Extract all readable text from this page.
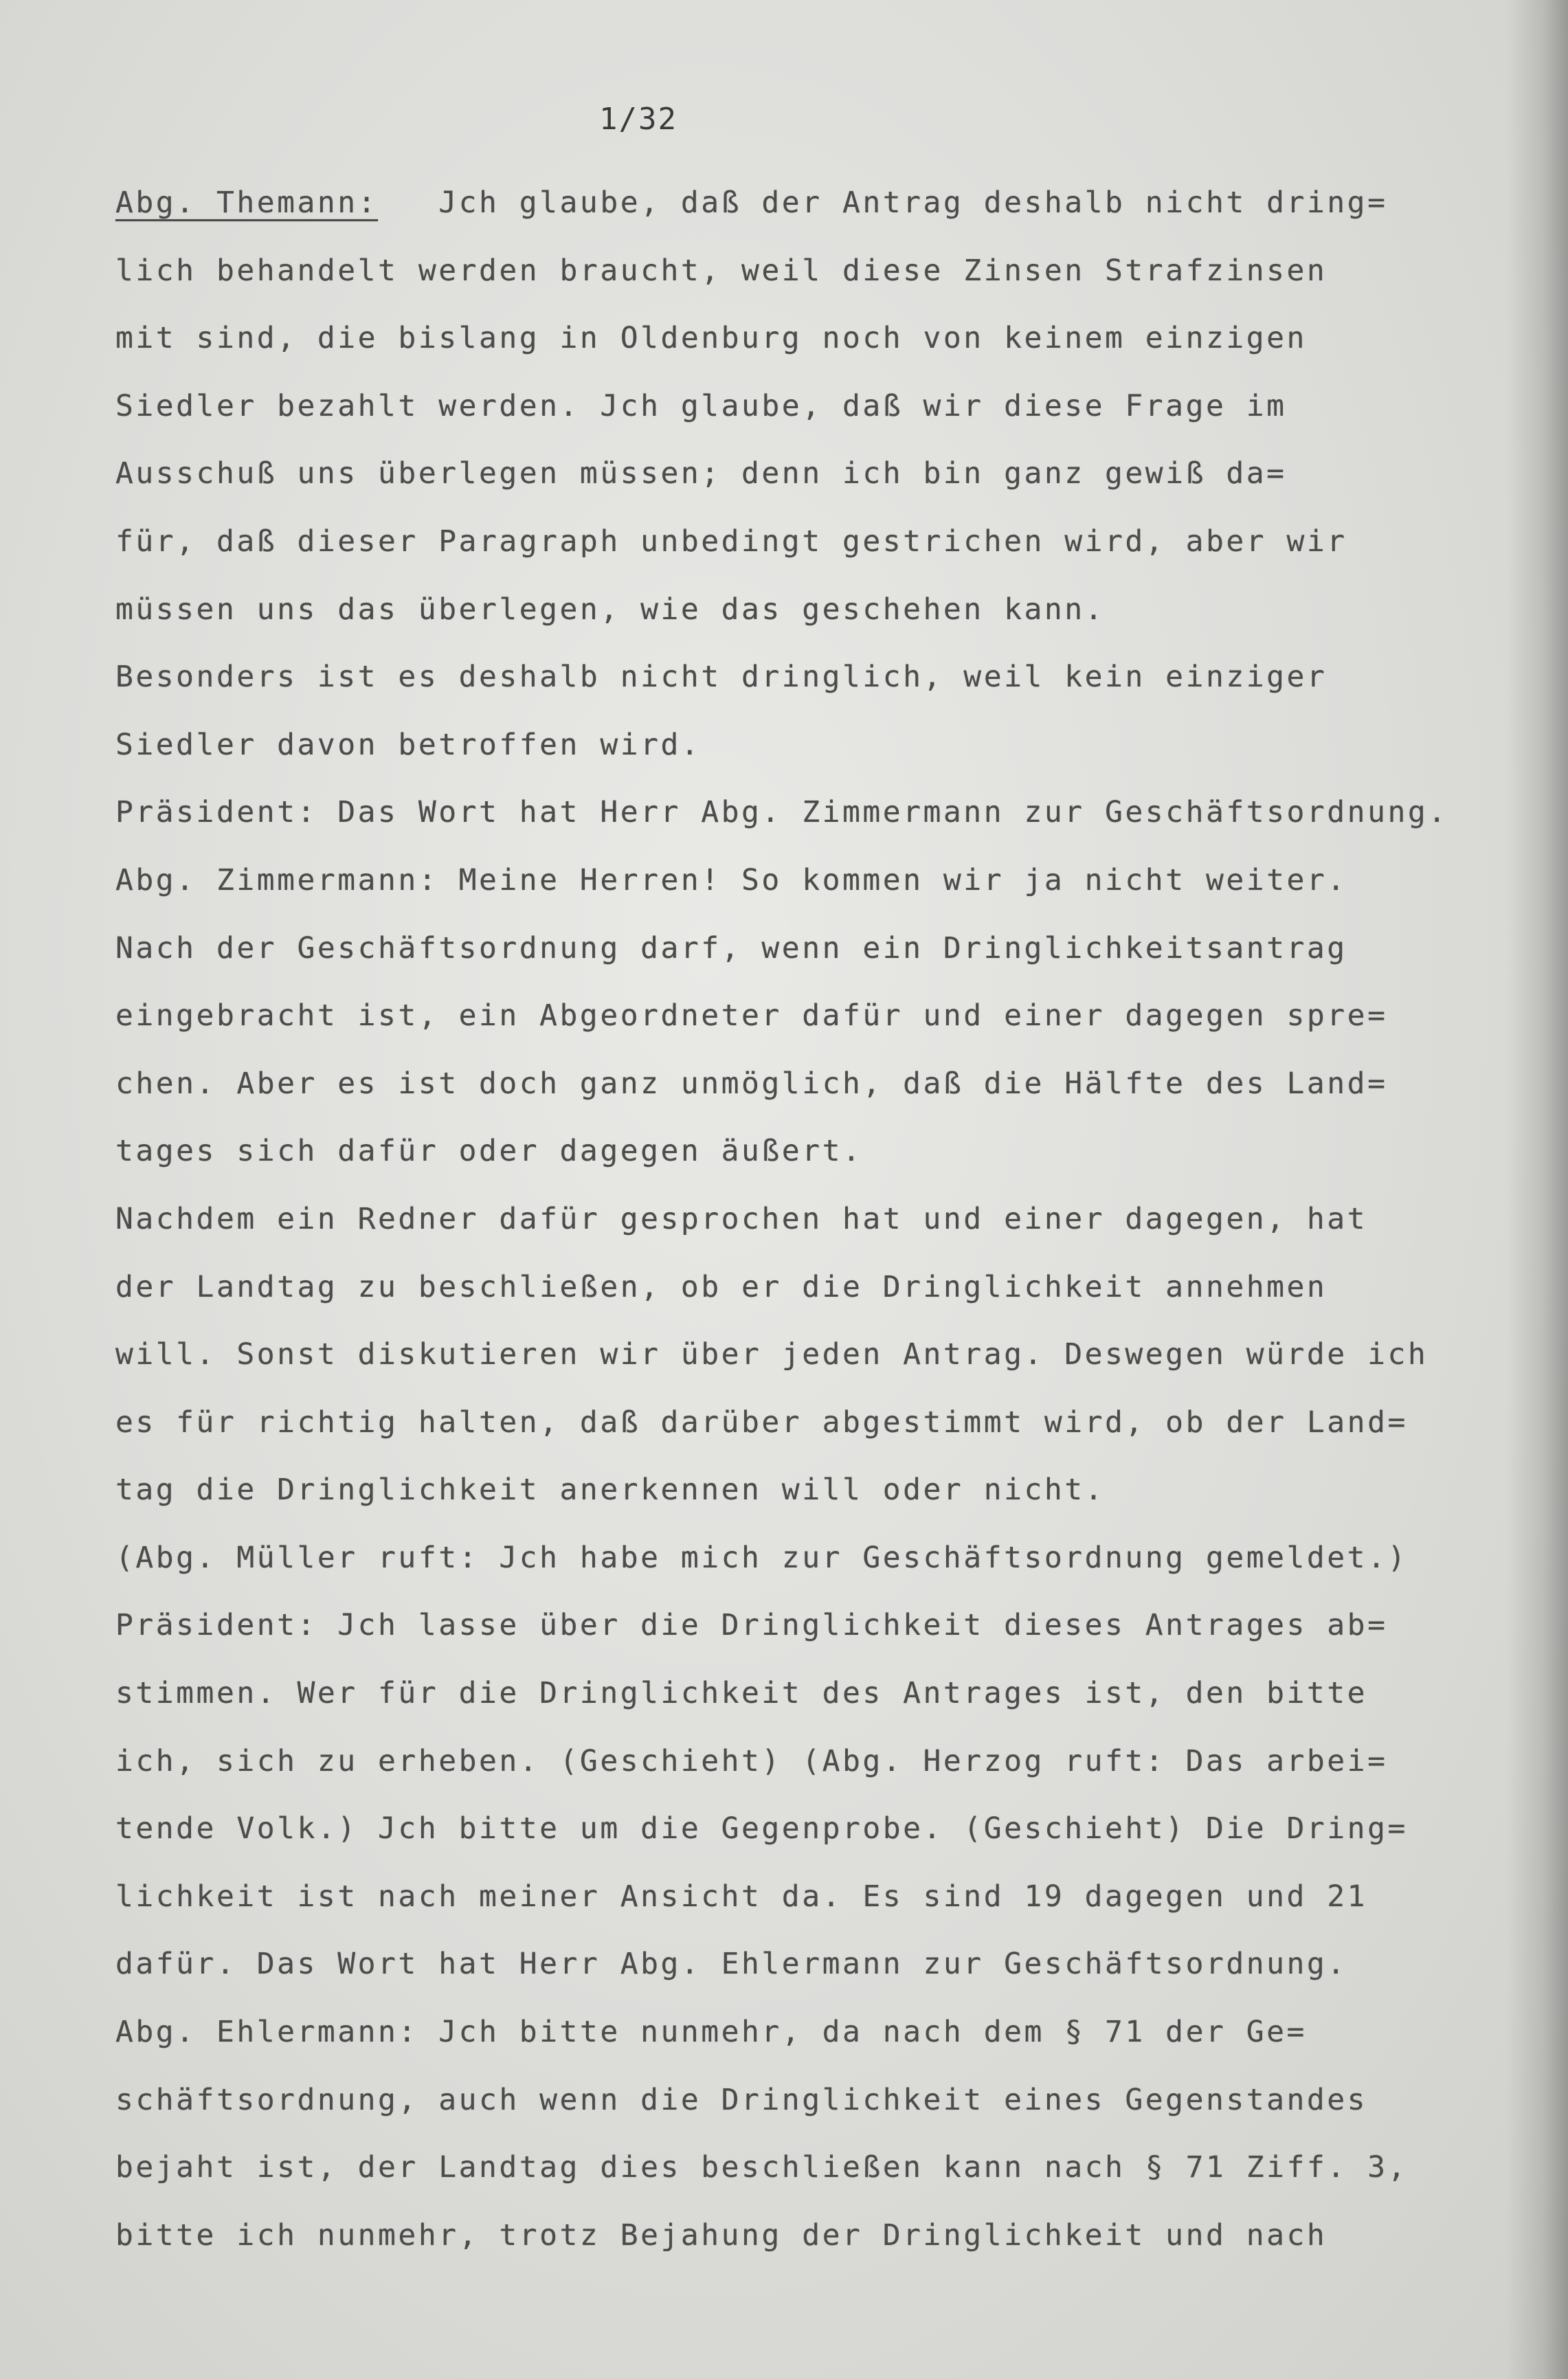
1/32
Abg. Themann:   Jch glaube, daß der Antrag deshalb nicht dring=
lich behandelt werden braucht, weil diese Zinsen Strafzinsen
mit sind, die bislang in Oldenburg noch von keinem einzigen
Siedler bezahlt werden. Jch glaube, daß wir diese Frage im
Ausschuß uns überlegen müssen; denn ich bin ganz gewiß da=
für, daß dieser Paragraph unbedingt gestrichen wird, aber wir
müssen uns das überlegen, wie das geschehen kann.
Besonders ist es deshalb nicht dringlich, weil kein einziger
Siedler davon betroffen wird.
Präsident: Das Wort hat Herr Abg. Zimmermann zur Geschäftsordnung.
Abg. Zimmermann: Meine Herren! So kommen wir ja nicht weiter.
Nach der Geschäftsordnung darf, wenn ein Dringlichkeitsantrag
eingebracht ist, ein Abgeordneter dafür und einer dagegen spre=
chen. Aber es ist doch ganz unmöglich, daß die Hälfte des Land=
tages sich dafür oder dagegen äußert.
Nachdem ein Redner dafür gesprochen hat und einer dagegen, hat
der Landtag zu beschließen, ob er die Dringlichkeit annehmen
will. Sonst diskutieren wir über jeden Antrag. Deswegen würde ich
es für richtig halten, daß darüber abgestimmt wird, ob der Land=
tag die Dringlichkeit anerkennen will oder nicht.
(Abg. Müller ruft: Jch habe mich zur Geschäftsordnung gemeldet.)
Präsident: Jch lasse über die Dringlichkeit dieses Antrages ab=
stimmen. Wer für die Dringlichkeit des Antrages ist, den bitte
ich, sich zu erheben. (Geschieht) (Abg. Herzog ruft: Das arbei=
tende Volk.) Jch bitte um die Gegenprobe. (Geschieht) Die Dring=
lichkeit ist nach meiner Ansicht da. Es sind 19 dagegen und 21
dafür. Das Wort hat Herr Abg. Ehlermann zur Geschäftsordnung.
Abg. Ehlermann: Jch bitte nunmehr, da nach dem § 71 der Ge=
schäftsordnung, auch wenn die Dringlichkeit eines Gegenstandes
bejaht ist, der Landtag dies beschließen kann nach § 71 Ziff. 3,
bitte ich nunmehr, trotz Bejahung der Dringlichkeit und nach
